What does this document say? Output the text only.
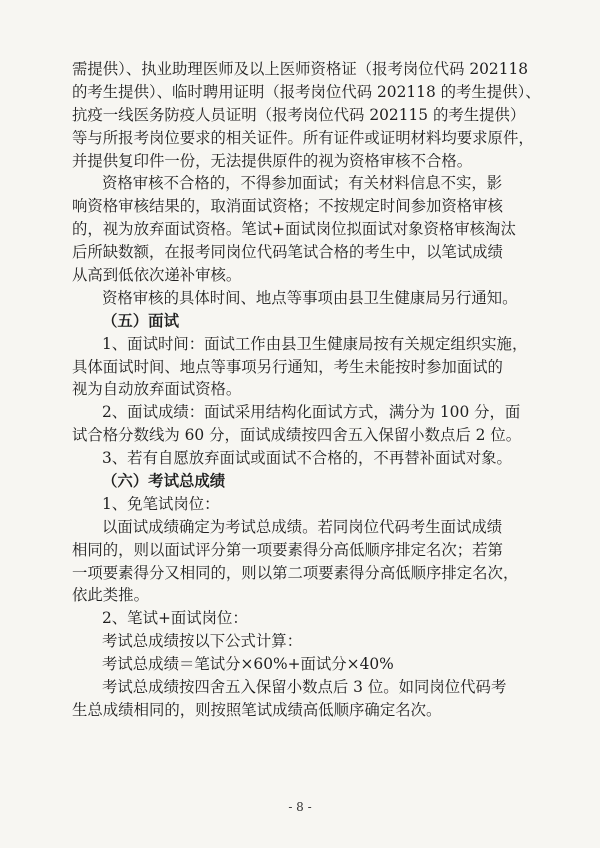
需提供）、执业助理医师及以上医师资格证（报考岗位代码 202118
的考生提供）、临时聘用证明（报考岗位代码 202118 的考生提供）、
抗疫一线医务防疫人员证明（报考岗位代码 202115 的考生提供）
等与所报考岗位要求的相关证件。所有证件或证明材料均要求原件，
并提供复印件一份，无法提供原件的视为资格审核不合格。
资格审核不合格的，不得参加面试；有关材料信息不实，影
响资格审核结果的，取消面试资格；不按规定时间参加资格审核
的，视为放弃面试资格。笔试+面试岗位拟面试对象资格审核淘汰
后所缺数额，在报考同岗位代码笔试合格的考生中，以笔试成绩
从高到低依次递补审核。
资格审核的具体时间、地点等事项由县卫生健康局另行通知。
（五）面试
1、面试时间：面试工作由县卫生健康局按有关规定组织实施，
具体面试时间、地点等事项另行通知，考生未能按时参加面试的
视为自动放弃面试资格。
2、面试成绩：面试采用结构化面试方式，满分为 100 分，面
试合格分数线为 60 分，面试成绩按四舍五入保留小数点后 2 位。
3、若有自愿放弃面试或面试不合格的，不再替补面试对象。
（六）考试总成绩
1、免笔试岗位：
以面试成绩确定为考试总成绩。若同岗位代码考生面试成绩
相同的，则以面试评分第一项要素得分高低顺序排定名次；若第
一项要素得分又相同的，则以第二项要素得分高低顺序排定名次，
依此类推。
2、笔试+面试岗位：
考试总成绩按以下公式计算：
考试总成绩＝笔试分×60%+面试分×40%
考试总成绩按四舍五入保留小数点后 3 位。如同岗位代码考
生总成绩相同的，则按照笔试成绩高低顺序确定名次。
- 8 -
